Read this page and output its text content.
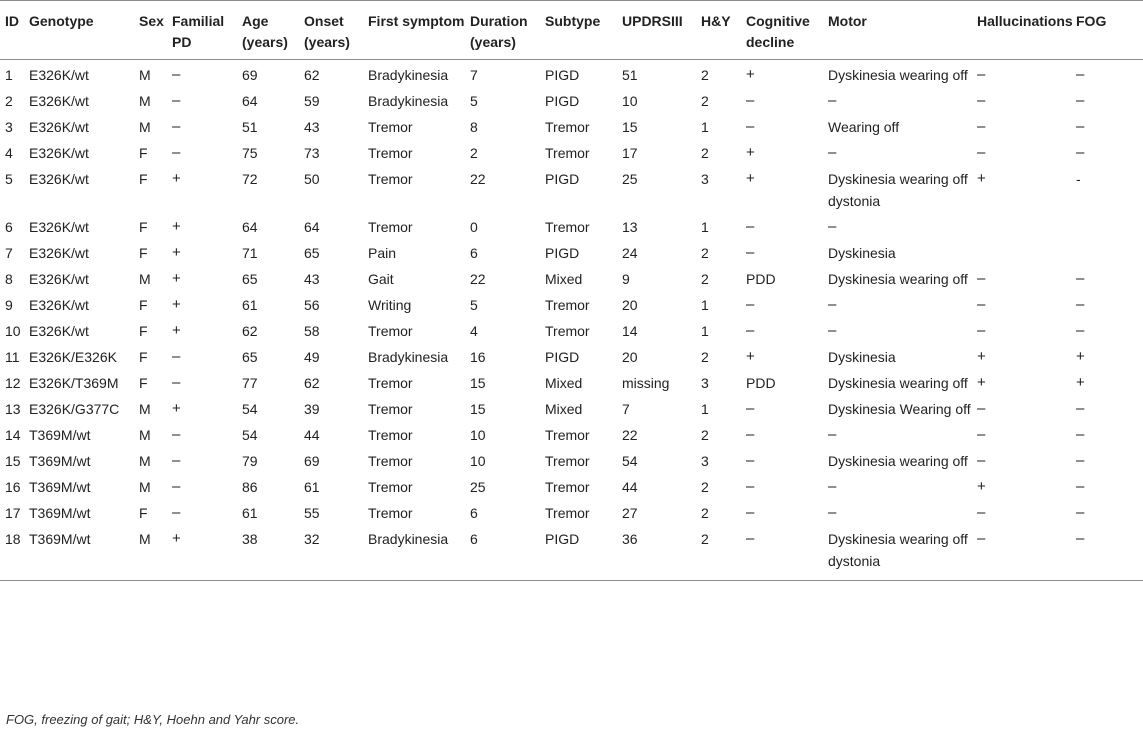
ID	Genotype	Sex	Familial PD	Age (years)	Onset (years)	First symptom	Duration (years)	Subtype	UPDRSIII	H&Y	Cognitive decline	Motor	Hallucinations	FOG
1	E326K/wt	M	–	69	62	Bradykinesia	7	PIGD	51	2	+	Dyskinesia wearing off	–	–
2	E326K/wt	M	–	64	59	Bradykinesia	5	PIGD	10	2	–	–	–	–
3	E326K/wt	M	–	51	43	Tremor	8	Tremor	15	1	–	Wearing off	–	–
4	E326K/wt	F	–	75	73	Tremor	2	Tremor	17	2	+	–	–	–
5	E326K/wt	F	+	72	50	Tremor	22	PIGD	25	3	+	Dyskinesia wearing off dystonia	+	-
6	E326K/wt	F	+	64	64	Tremor	0	Tremor	13	1	–	–		
7	E326K/wt	F	+	71	65	Pain	6	PIGD	24	2	–	Dyskinesia		
8	E326K/wt	M	+	65	43	Gait	22	Mixed	9	2	PDD	Dyskinesia wearing off	–	–
9	E326K/wt	F	+	61	56	Writing	5	Tremor	20	1	–	–	–	–
10	E326K/wt	F	+	62	58	Tremor	4	Tremor	14	1	–	–	–	–
11	E326K/E326K	F	–	65	49	Bradykinesia	16	PIGD	20	2	+	Dyskinesia	+	+
12	E326K/T369M	F	–	77	62	Tremor	15	Mixed	missing	3	PDD	Dyskinesia wearing off	+	+
13	E326K/G377C	M	+	54	39	Tremor	15	Mixed	7	1	–	Dyskinesia Wearing off	–	–
14	T369M/wt	M	–	54	44	Tremor	10	Tremor	22	2	–	–	–	–
15	T369M/wt	M	–	79	69	Tremor	10	Tremor	54	3	–	Dyskinesia wearing off	–	–
16	T369M/wt	M	–	86	61	Tremor	25	Tremor	44	2	–	–	+	–
17	T369M/wt	F	–	61	55	Tremor	6	Tremor	27	2	–	–	–	–
18	T369M/wt	M	+	38	32	Bradykinesia	6	PIGD	36	2	–	Dyskinesia wearing off dystonia	–	–
FOG, freezing of gait; H&Y, Hoehn and Yahr score.
